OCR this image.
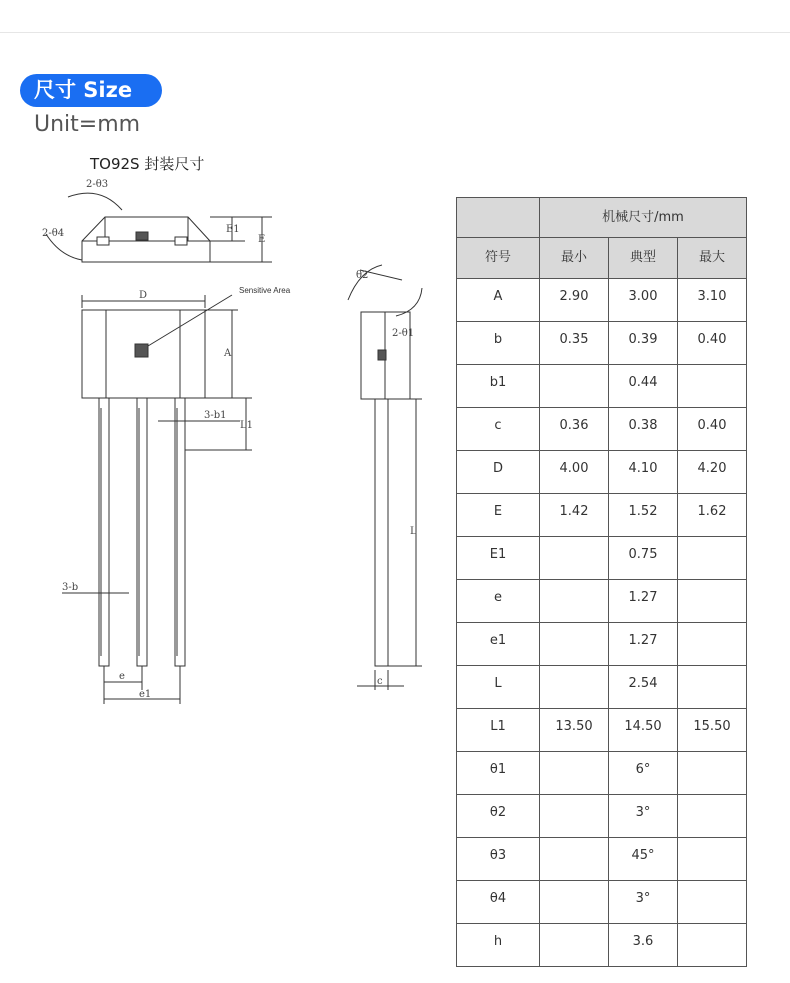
尺寸 Size
Unit=mm
TO92S 封装尺寸
Sensitive Area
D
A
E
E1
L
L1
e
e1
c
2-θ3
2-θ4
θ2
2-θ1
3-b
3-b1
	机械尺寸/mm		
符号	最小	典型	最大
A	2.90	3.00	3.10
b	0.35	0.39	0.40
b1		0.44	
c	0.36	0.38	0.40
D	4.00	4.10	4.20
E	1.42	1.52	1.62
E1		0.75	
e		1.27	
e1		1.27	
L		2.54	
L1	13.50	14.50	15.50
θ1		6°	
θ2		3°	
θ3		45°	
θ4		3°	
h		3.6	
